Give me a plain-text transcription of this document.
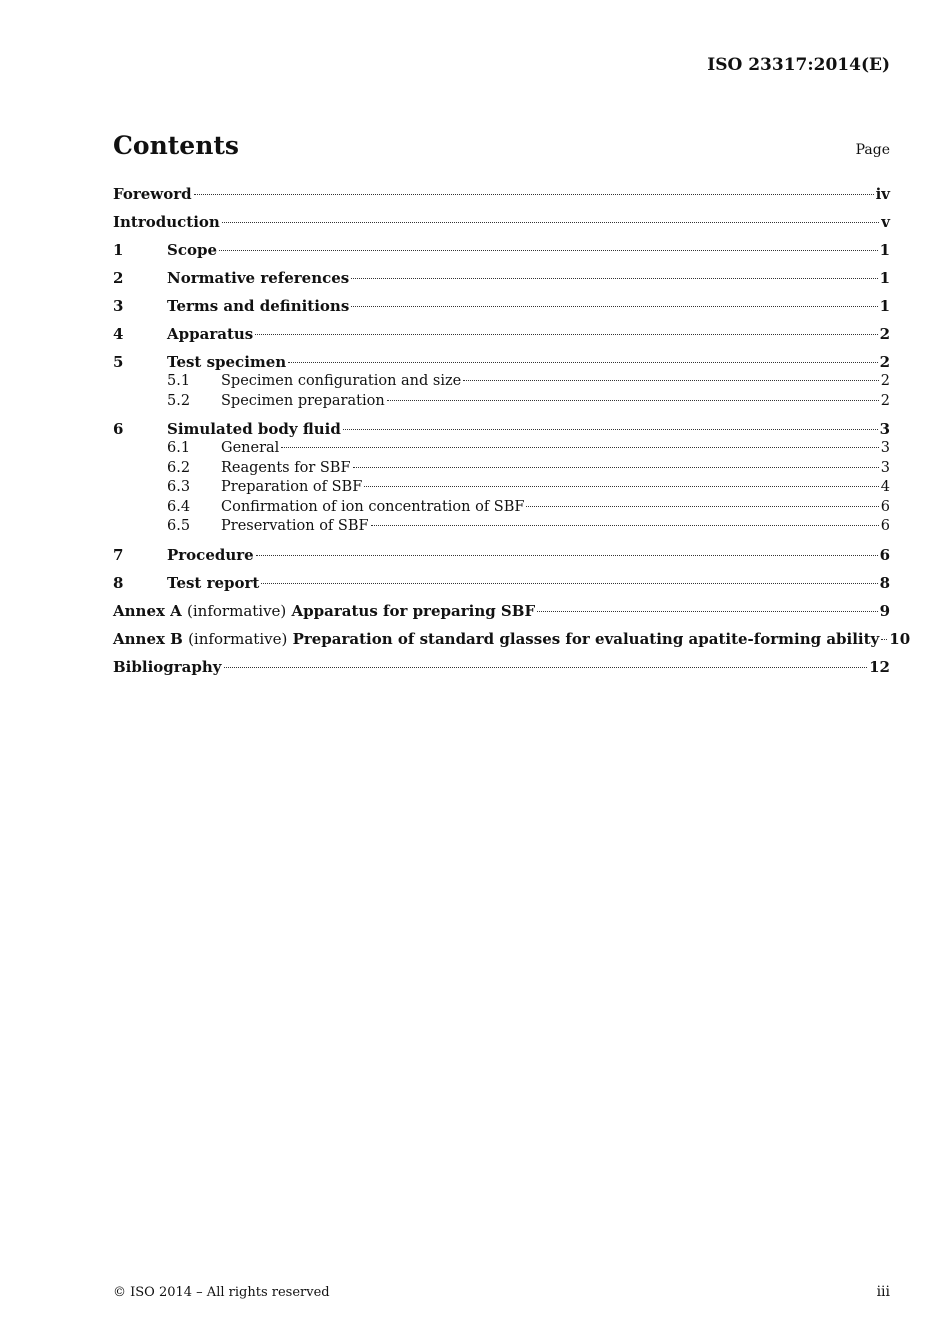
ISO 23317:2014(E)
Contents	Page
Foreword	iv
Introduction	v
1	Scope	1
2	Normative references	1
3	Terms and definitions	1
4	Apparatus	2
5	Test specimen	2
5.1	Specimen configuration and size	2
5.2	Specimen preparation	2
6	Simulated body fluid	3
6.1	General	3
6.2	Reagents for SBF	3
6.3	Preparation of SBF	4
6.4	Confirmation of ion concentration of SBF	6
6.5	Preservation of SBF	6
7	Procedure	6
8	Test report	8
Annex A (informative) Apparatus for preparing SBF	9
Annex B (informative) Preparation of standard glasses for evaluating apatite-forming ability 10
Bibliography	12
© ISO 2014 – All rights reserved	iii
